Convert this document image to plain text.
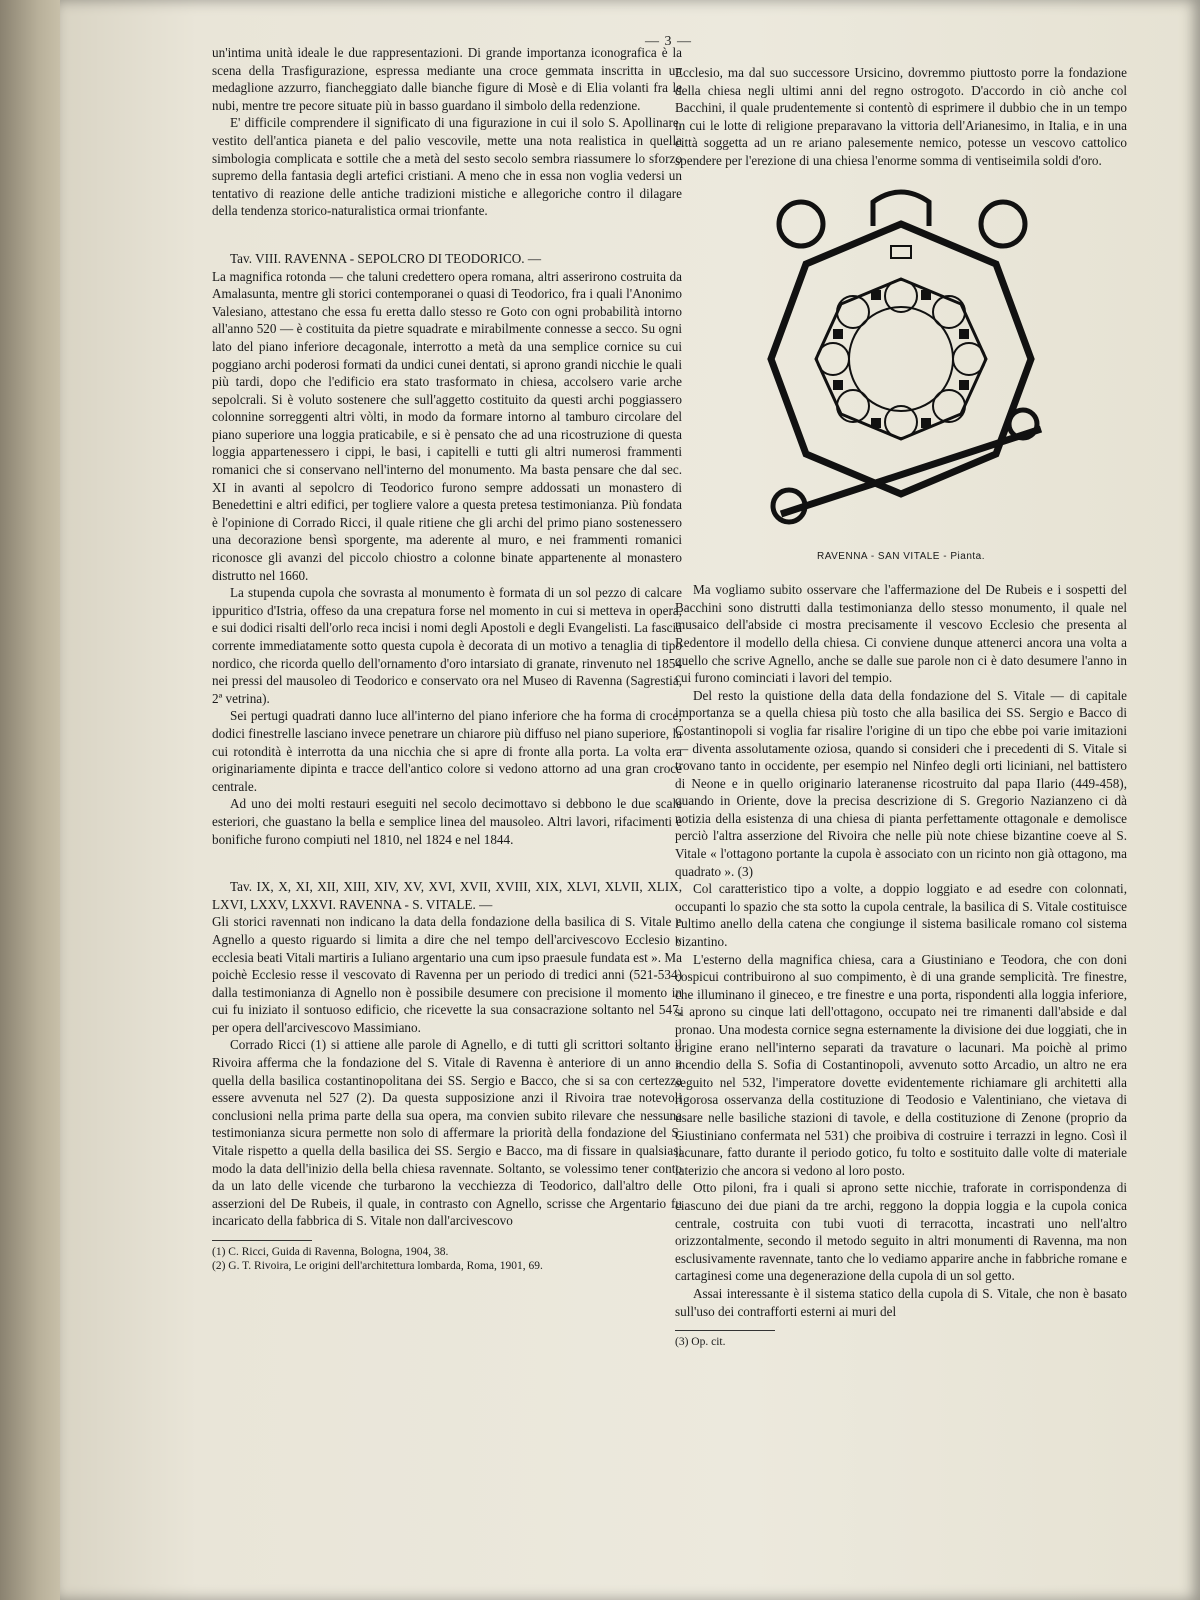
— 3 —

un'intima unità ideale le due rappresentazioni. Di grande importanza iconografica è la scena della Trasfigurazione, espressa mediante una croce gemmata inscritta in un medaglione azzurro, fiancheggiato dalle bianche figure di Mosè e di Elia volanti fra le nubi, mentre tre pecore situate più in basso guardano il simbolo della redenzione.

E' difficile comprendere il significato di una figurazione in cui il solo S. Apollinare, vestito dell'antica pianeta e del palio vescovile, mette una nota realistica in quella simbologia complicata e sottile che a metà del sesto secolo sembra riassumere lo sforzo supremo della fantasia degli artefici cristiani. A meno che in essa non voglia vedersi un tentativo di reazione delle antiche tradizioni mistiche e allegoriche contro il dilagare della tendenza storico-naturalistica ormai trionfante.

Tav. VIII. RAVENNA - SEPOLCRO DI TEODORICO. —

La magnifica rotonda — che taluni credettero opera romana, altri asserirono costruita da Amalasunta, mentre gli storici contemporanei o quasi di Teodorico, fra i quali l'Anonimo Valesiano, attestano che essa fu eretta dallo stesso re Goto con ogni probabilità intorno all'anno 520 — è costituita da pietre squadrate e mirabilmente connesse a secco. Su ogni lato del piano inferiore decagonale, interrotto a metà da una semplice cornice su cui poggiano archi poderosi formati da undici cunei dentati, si aprono grandi nicchie le quali più tardi, dopo che l'edificio era stato trasformato in chiesa, accolsero varie arche sepolcrali. Si è voluto sostenere che sull'aggetto costituito da questi archi poggiassero colonnine sorreggenti altri vòlti, in modo da formare intorno al tamburo circolare del piano superiore una loggia praticabile, e si è pensato che ad una ricostruzione di questa loggia appartenessero i cippi, le basi, i capitelli e tutti gli altri numerosi frammenti romanici che si conservano nell'interno del monumento. Ma basta pensare che dal sec. XI in avanti al sepolcro di Teodorico furono sempre addossati un monastero di Benedettini e altri edifici, per togliere valore a questa pretesa testimonianza. Più fondata è l'opinione di Corrado Ricci, il quale ritiene che gli archi del primo piano sostenessero una decorazione bensì sporgente, ma aderente al muro, e nei frammenti romanici riconosce gli avanzi del piccolo chiostro a colonne binate appartenente al monastero distrutto nel 1660.

La stupenda cupola che sovrasta al monumento è formata di un sol pezzo di calcare ippuritico d'Istria, offeso da una crepatura forse nel momento in cui si metteva in opera, e sui dodici risalti dell'orlo reca incisi i nomi degli Apostoli e degli Evangelisti. La fascia corrente immediatamente sotto questa cupola è decorata di un motivo a tenaglia di tipo nordico, che ricorda quello dell'ornamento d'oro intarsiato di granate, rinvenuto nel 1854 nei pressi del mausoleo di Teodorico e conservato ora nel Museo di Ravenna (Sagrestia, 2ª vetrina).

Sei pertugi quadrati danno luce all'interno del piano inferiore che ha forma di croce; dodici finestrelle lasciano invece penetrare un chiarore più diffuso nel piano superiore, la cui rotondità è interrotta da una nicchia che si apre di fronte alla porta. La volta era originariamente dipinta e tracce dell'antico colore si vedono attorno ad una gran croce centrale.

Ad uno dei molti restauri eseguiti nel secolo decimottavo si debbono le due scale esteriori, che guastano la bella e semplice linea del mausoleo. Altri lavori, rifacimenti e bonifiche furono compiuti nel 1810, nel 1824 e nel 1844.

Tav. IX, X, XI, XII, XIII, XIV, XV, XVI, XVII, XVIII, XIX, XLVI, XLVII, XLIX, LXVI, LXXV, LXXVI. RAVENNA - S. VITALE. —

Gli storici ravennati non indicano la data della fondazione della basilica di S. Vitale e Agnello a questo riguardo si limita a dire che nel tempo dell'arcivescovo Ecclesio « ecclesia beati Vitali martiris a Iuliano argentario una cum ipso praesule fundata est ». Ma poichè Ecclesio resse il vescovato di Ravenna per un periodo di tredici anni (521-534) dalla testimonianza di Agnello non è possibile desumere con precisione il momento in cui fu iniziato il sontuoso edificio, che ricevette la sua consacrazione soltanto nel 547, per opera dell'arcivescovo Massimiano.

Corrado Ricci (1) si attiene alle parole di Agnello, e di tutti gli scrittori soltanto il Rivoira afferma che la fondazione del S. Vitale di Ravenna è anteriore di un anno a quella della basilica costantinopolitana dei SS. Sergio e Bacco, che si sa con certezza essere avvenuta nel 527 (2). Da questa supposizione anzi il Rivoira trae notevoli conclusioni nella prima parte della sua opera, ma convien subito rilevare che nessuna testimonianza sicura permette non solo di affermare la priorità della fondazione del S. Vitale rispetto a quella della basilica dei SS. Sergio e Bacco, ma di fissare in qualsiasi modo la data dell'inizio della bella chiesa ravennate. Soltanto, se volessimo tener conto da un lato delle vicende che turbarono la vecchiezza di Teodorico, dall'altro delle asserzioni del De Rubeis, il quale, in contrasto con Agnello, scrisse che Argentario fu incaricato della fabbrica di S. Vitale non dall'arcivescovo

(1) C. Ricci, Guida di Ravenna, Bologna, 1904, 38.
(2) G. T. Rivoira, Le origini dell'architettura lombarda, Roma, 1901, 69.

Ecclesio, ma dal suo successore Ursicino, dovremmo piuttosto porre la fondazione della chiesa negli ultimi anni del regno ostrogoto. D'accordo in ciò anche col Bacchini, il quale prudentemente si contentò di esprimere il dubbio che in un tempo in cui le lotte di religione preparavano la vittoria dell'Arianesimo, in Italia, e in una città soggetta ad un re ariano palesemente nemico, potesse un vescovo cattolico spendere per l'erezione di una chiesa l'enorme somma di ventiseimila soldi d'oro.

RAVENNA - SAN VITALE - Pianta.

Ma vogliamo subito osservare che l'affermazione del De Rubeis e i sospetti del Bacchini sono distrutti dalla testimonianza dello stesso monumento, il quale nel musaico dell'abside ci mostra precisamente il vescovo Ecclesio che presenta al Redentore il modello della chiesa. Ci conviene dunque attenerci ancora una volta a quello che scrive Agnello, anche se dalle sue parole non ci è dato desumere l'anno in cui furono cominciati i lavori del tempio.

Del resto la quistione della data della fondazione del S. Vitale — di capitale importanza se a quella chiesa più tosto che alla basilica dei SS. Sergio e Bacco di Costantinopoli si voglia far risalire l'origine di un tipo che ebbe poi varie imitazioni — diventa assolutamente oziosa, quando si consideri che i precedenti di S. Vitale si trovano tanto in occidente, per esempio nel Ninfeo degli orti liciniani, nel battistero di Neone e in quello originario lateranense ricostruito dal papa Ilario (449-458), quando in Oriente, dove la precisa descrizione di S. Gregorio Nazianzeno ci dà notizia della esistenza di una chiesa di pianta perfettamente ottagonale e demolisce perciò l'altra asserzione del Rivoira che nelle più note chiese bizantine coeve al S. Vitale « l'ottagono portante la cupola è associato con un ricinto non già ottagono, ma quadrato ». (3)

Col caratteristico tipo a volte, a doppio loggiato e ad esedre con colonnati, occupanti lo spazio che sta sotto la cupola centrale, la basilica di S. Vitale costituisce l'ultimo anello della catena che congiunge il sistema basilicale romano col sistema bizantino.

L'esterno della magnifica chiesa, cara a Giustiniano e Teodora, che con doni cospicui contribuirono al suo compimento, è di una grande semplicità. Tre finestre, che illuminano il gineceo, e tre finestre e una porta, rispondenti alla loggia inferiore, si aprono su cinque lati dell'ottagono, occupato nei tre rimanenti dall'abside e dal pronao. Una modesta cornice segna esternamente la divisione dei due loggiati, che in origine erano nell'interno separati da travature o lacunari. Ma poichè al primo incendio della S. Sofia di Costantinopoli, avvenuto sotto Arcadio, un altro ne era seguito nel 532, l'imperatore dovette evidentemente richiamare gli architetti alla rigorosa osservanza della costituzione di Teodosio e Valentiniano, che vietava di usare nelle basiliche stazioni di tavole, e della costituzione di Zenone (proprio da Giustiniano confermata nel 531) che proibiva di costruire i terrazzi in legno. Così il lacunare, fatto durante il periodo gotico, fu tolto e sostituito dalle volte di materiale laterizio che ancora si vedono al loro posto.

Otto piloni, fra i quali si aprono sette nicchie, traforate in corrispondenza di ciascuno dei due piani da tre archi, reggono la doppia loggia e la cupola conica centrale, costruita con tubi vuoti di terracotta, incastrati uno nell'altro orizzontalmente, secondo il metodo seguito in altri monumenti di Ravenna, ma non esclusivamente ravennate, tanto che lo vediamo apparire anche in fabbriche romane e cartaginesi come una degenerazione della cupola di un sol getto.

Assai interessante è il sistema statico della cupola di S. Vitale, che non è basato sull'uso dei contrafforti esterni ai muri del

(3) Op. cit.
